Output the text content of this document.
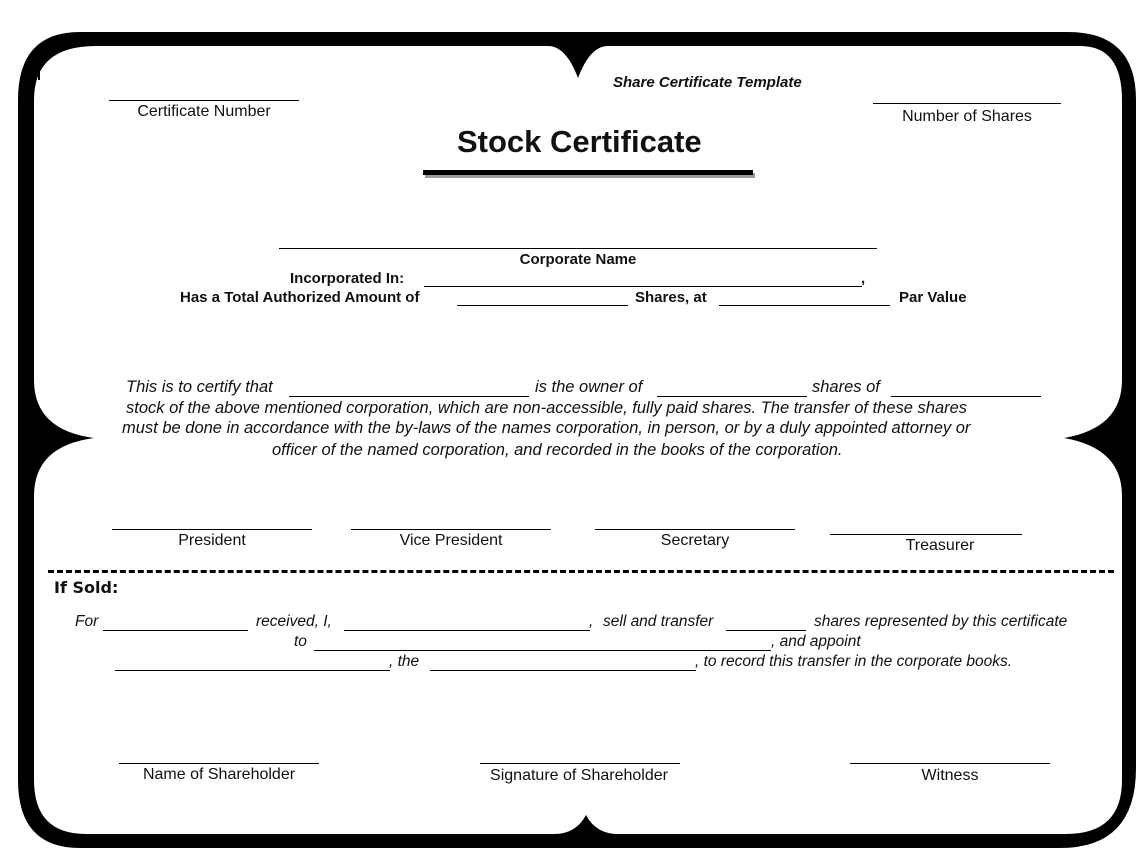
Share Certificate Template
Certificate Number	Number of Shares
Stock Certificate
Corporate Name
Incorporated In:	,
Has a Total Authorized Amount of	Shares, at	Par Value
This is to certify that	is the owner of	shares of
stock of the above mentioned corporation, which are non-accessible, fully paid shares. The transfer of these shares
must be done in accordance with the by-laws of the names corporation, in person, or by a duly appointed attorney or
officer of the named corporation, and recorded in the books of the corporation.
President	Vice President	Secretary	Treasurer
If Sold:
For	received, I,	, sell and transfer	shares represented by this certificate
to	, and appoint
, the	, to record this transfer in the corporate books.
Name of Shareholder	Signature of Shareholder	Witness
